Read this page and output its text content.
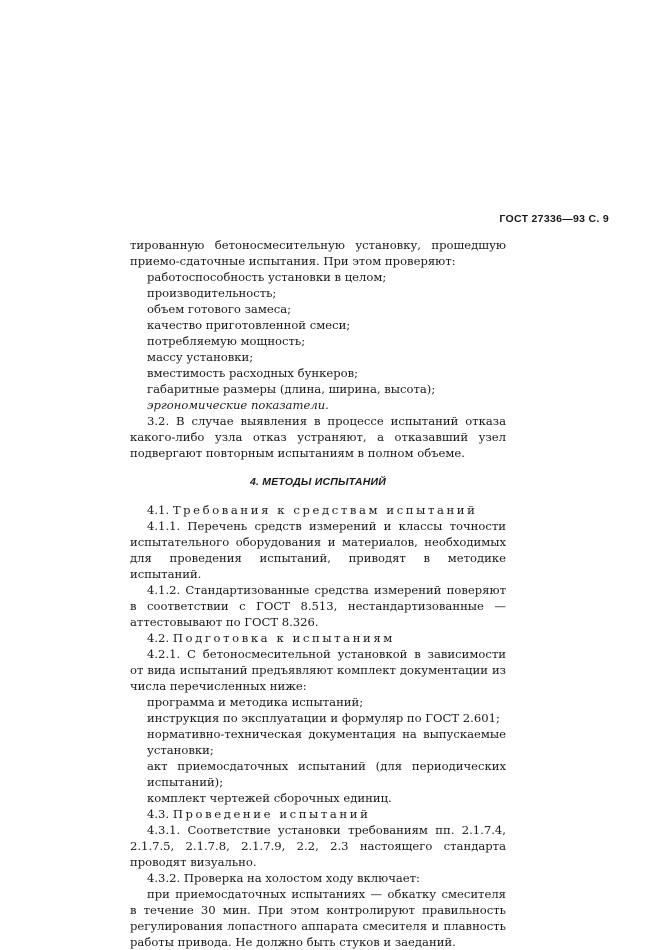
ГОСТ 27336—93 С. 9

тированную бетоносмесительную установку, прошедшую приемо-сдаточные испытания. При этом проверяют:

работоспособность установки в целом;

производительность;

объем готового замеса;

качество приготовленной смеси;

потребляемую мощность;

массу установки;

вместимость расходных бункеров;

габаритные размеры (длина, ширина, высота);

эргономические показатели.

3.2. В случае выявления в процессе испытаний отказа какого-либо узла отказ устраняют, а отказавший узел подвергают повторным испытаниям в полном объеме.

4. МЕТОДЫ ИСПЫТАНИЙ

4.1. Требования к средствам испытаний

4.1.1. Перечень средств измерений и классы точности испытательного оборудования и материалов, необходимых для проведения испытаний, приводят в методике испытаний.

4.1.2. Стандартизованные средства измерений поверяют в соответствии с ГОСТ 8.513, нестандартизованные — аттестовывают по ГОСТ 8.326.

4.2. Подготовка к испытаниям

4.2.1. С бетоносмесительной установкой в зависимости от вида испытаний предъявляют комплект документации из числа перечисленных ниже:

программа и методика испытаний;

инструкция по эксплуатации и формуляр по ГОСТ 2.601;

нормативно-техническая документация на выпускаемые установки;

акт приемосдаточных испытаний (для периодических испытаний);

комплект чертежей сборочных единиц.

4.3. Проведение испытаний

4.3.1. Соответствие установки требованиям пп. 2.1.7.4, 2.1.7.5, 2.1.7.8, 2.1.7.9, 2.2, 2.3 настоящего стандарта проводят визуально.

4.3.2. Проверка на холостом ходу включает:

при приемосдаточных испытаниях — обкатку смесителя в течение 30 мин. При этом контролируют правильность регулирования лопастного аппарата смесителя и плавность работы привода. Не должно быть стуков и заеданий.
